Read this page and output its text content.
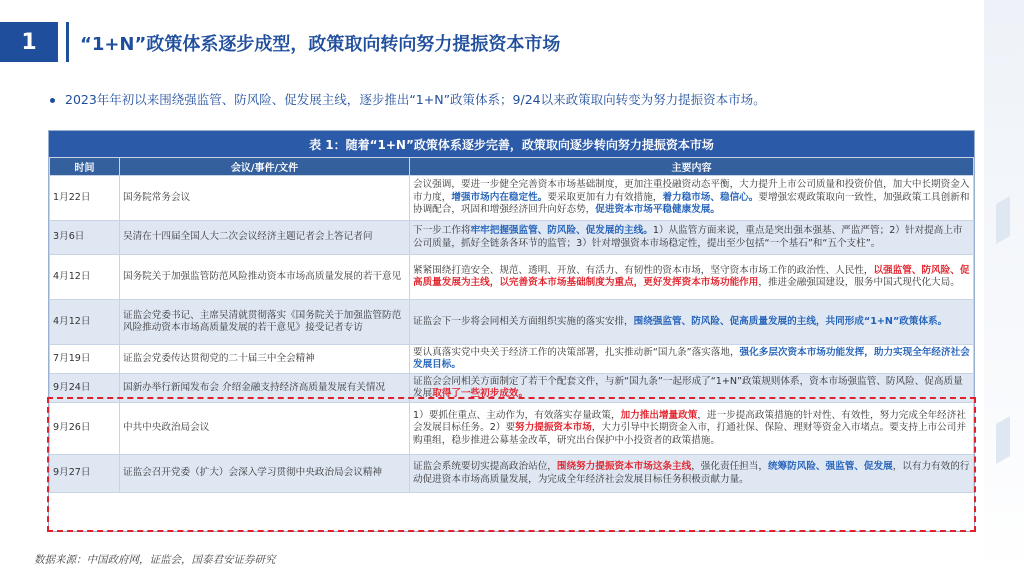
1	“1+N”政策体系逐步成型，政策取向转向努力提振资本市场
2023年年初以来围绕强监管、防风险、促发展主线，逐步推出“1+N”政策体系；9/24以来政策取向转变为努力提振资本市场。
表 1：随着“1+N”政策体系逐步完善，政策取向逐步转向努力提振资本市场
时间	会议/事件/文件	主要内容
1月22日	国务院常务会议	会议强调，要进一步健全完善资本市场基础制度，更加注重投融资动态平衡，大力提升上市公司质量和投资价值，加大中长期资金入市力度，增强市场内在稳定性。要采取更加有力有效措施，着力稳市场、稳信心。要增强宏观政策取向一致性，加强政策工具创新和协调配合，巩固和增强经济回升向好态势，促进资本市场平稳健康发展。
3月6日	吴清在十四届全国人大二次会议经济主题记者会上答记者问	下一步工作将牢牢把握强监管、防风险、促发展的主线。1）从监管方面来说，重点是突出强本强基、严监严管；2）针对提高上市公司质量，抓好全链条各环节的监管；3）针对增强资本市场稳定性，提出至少包括“一个基石”和“五个支柱”。
4月12日	国务院关于加强监管防范风险推动资本市场高质量发展的若干意见	紧紧围绕打造安全、规范、透明、开放、有活力、有韧性的资本市场，坚守资本市场工作的政治性、人民性，以强监管、防风险、促高质量发展为主线，以完善资本市场基础制度为重点，更好发挥资本市场功能作用，推进金融强国建设，服务中国式现代化大局。
4月12日	证监会党委书记、主席吴清就贯彻落实《国务院关于加强监管防范风险推动资本市场高质量发展的若干意见》接受记者专访	证监会下一步将会同相关方面组织实施的落实安排，围绕强监管、防风险、促高质量发展的主线，共同形成“1+N”政策体系。
7月19日	证监会党委传达贯彻党的二十届三中全会精神	要认真落实党中央关于经济工作的决策部署，扎实推动新“国九条”落实落地，强化多层次资本市场功能发挥，助力实现全年经济社会发展目标。
9月24日	国新办举行新闻发布会 介绍金融支持经济高质量发展有关情况	证监会会同相关方面制定了若干个配套文件，与新“国九条”一起形成了“1+N”政策规则体系，资本市场强监管、防风险、促高质量发展取得了一些初步成效。
9月26日	中共中央政治局会议	1）要抓住重点、主动作为，有效落实存量政策，加力推出增量政策，进一步提高政策措施的针对性、有效性，努力完成全年经济社会发展目标任务。2）要努力提振资本市场，大力引导中长期资金入市，打通社保、保险、理财等资金入市堵点。要支持上市公司并购重组，稳步推进公募基金改革，研究出台保护中小投资者的政策措施。
9月27日	证监会召开党委（扩大）会深入学习贯彻中央政治局会议精神	证监会系统要切实提高政治站位，围绕努力提振资本市场这条主线，强化责任担当，统筹防风险、强监管、促发展，以有力有效的行动促进资本市场高质量发展，为完成全年经济社会发展目标任务积极贡献力量。
数据来源：中国政府网，证监会，国泰君安证券研究
